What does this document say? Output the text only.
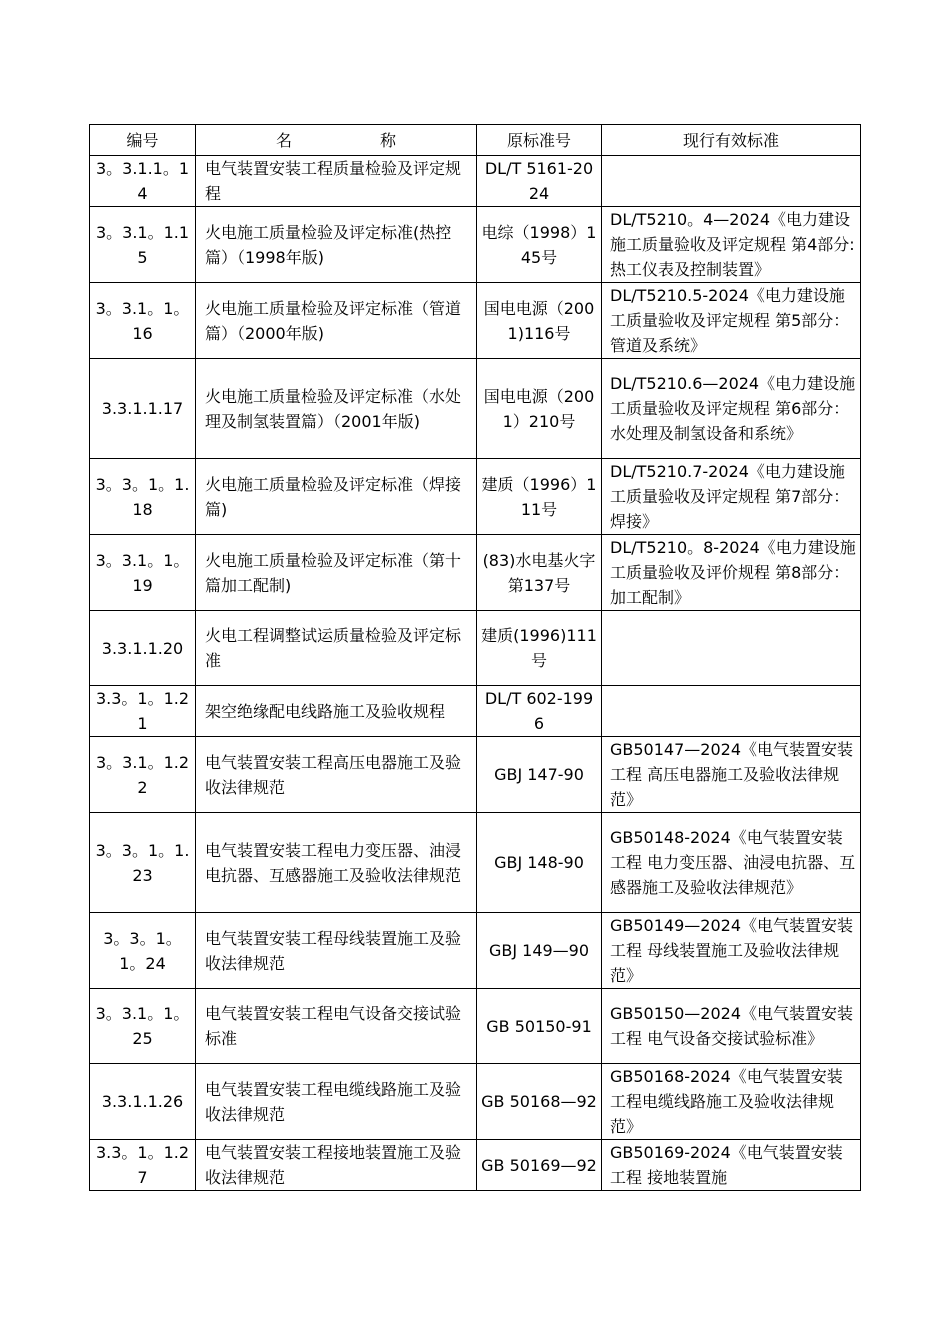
编号	名 称	原标准号	现行有效标准
3。3.1.1。14	电气装置安装工程质量检验及评定规程	DL/T 5161-2024	
3。3.1。1.15	火电施工质量检验及评定标准(热控篇）（1998年版)	电综（1998）145号	DL/T5210。4—2024《电力建设施工质量验收及评定规程 第4部分:热工仪表及控制装置》
3。3.1。1。16	火电施工质量检验及评定标准（管道篇）（2000年版)	国电电源（2001)116号	DL/T5210.5-2024《电力建设施工质量验收及评定规程 第5部分：管道及系统》
3.3.1.1.17	火电施工质量检验及评定标准（水处理及制氢装置篇）（2001年版)	国电电源（2001）210号	DL/T5210.6—2024《电力建设施工质量验收及评定规程 第6部分：水处理及制氢设备和系统》
3。3。1。1.18	火电施工质量检验及评定标准（焊接篇)	建质（1996）111号	DL/T5210.7-2024《电力建设施工质量验收及评定规程 第7部分：焊接》
3。3.1。1。19	火电施工质量检验及评定标准（第十篇加工配制)	(83)水电基火字第137号	DL/T5210。8-2024《电力建设施工质量验收及评价规程 第8部分：加工配制》
3.3.1.1.20	火电工程调整试运质量检验及评定标准	建质(1996)111号	
3.3。1。1.21	架空绝缘配电线路施工及验收规程	DL/T 602-1996	
3。3.1。1.22	电气装置安装工程高压电器施工及验收法律规范	GBJ 147-90	GB50147—2024《电气装置安装工程 高压电器施工及验收法律规范》
3。3。1。1.23	电气装置安装工程电力变压器、油浸电抗器、互感器施工及验收法律规范	GBJ 148-90	GB50148-2024《电气装置安装工程 电力变压器、油浸电抗器、互感器施工及验收法律规范》
3。3。1。1。24	电气装置安装工程母线装置施工及验收法律规范	GBJ 149—90	GB50149—2024《电气装置安装工程 母线装置施工及验收法律规范》
3。3.1。1。25	电气装置安装工程电气设备交接试验标准	GB 50150-91	GB50150—2024《电气装置安装工程 电气设备交接试验标准》
3.3.1.1.26	电气装置安装工程电缆线路施工及验收法律规范	GB 50168—92	GB50168-2024《电气装置安装工程电缆线路施工及验收法律规范》
3.3。1。1.27	电气装置安装工程接地装置施工及验收法律规范	GB 50169—92	GB50169-2024《电气装置安装工程 接地装置施
